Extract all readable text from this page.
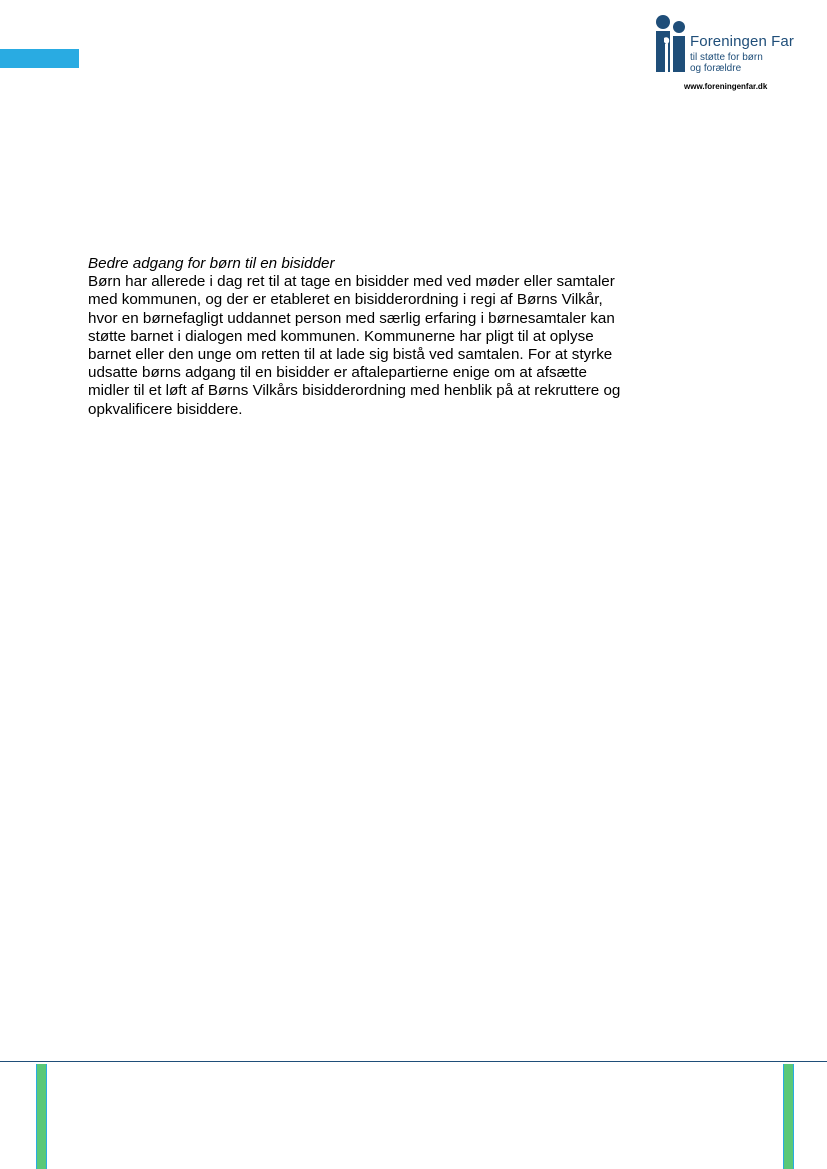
Foreningen Far
til støtte for børn
og forældre
www.foreningenfar.dk
Bedre adgang for børn til en bisidder

Børn har allerede i dag ret til at tage en bisidder med ved møder eller samtaler
med kommunen, og der er etableret en bisidderordning i regi af Børns Vilkår,
hvor en børnefagligt uddannet person med særlig erfaring i børnesamtaler kan
støtte barnet i dialogen med kommunen. Kommunerne har pligt til at oplyse
barnet eller den unge om retten til at lade sig bistå ved samtalen. For at styrke
udsatte børns adgang til en bisidder er aftalepartierne enige om at afsætte
midler til et løft af Børns Vilkårs bisidderordning med henblik på at rekruttere og
opkvalificere bisiddere.
